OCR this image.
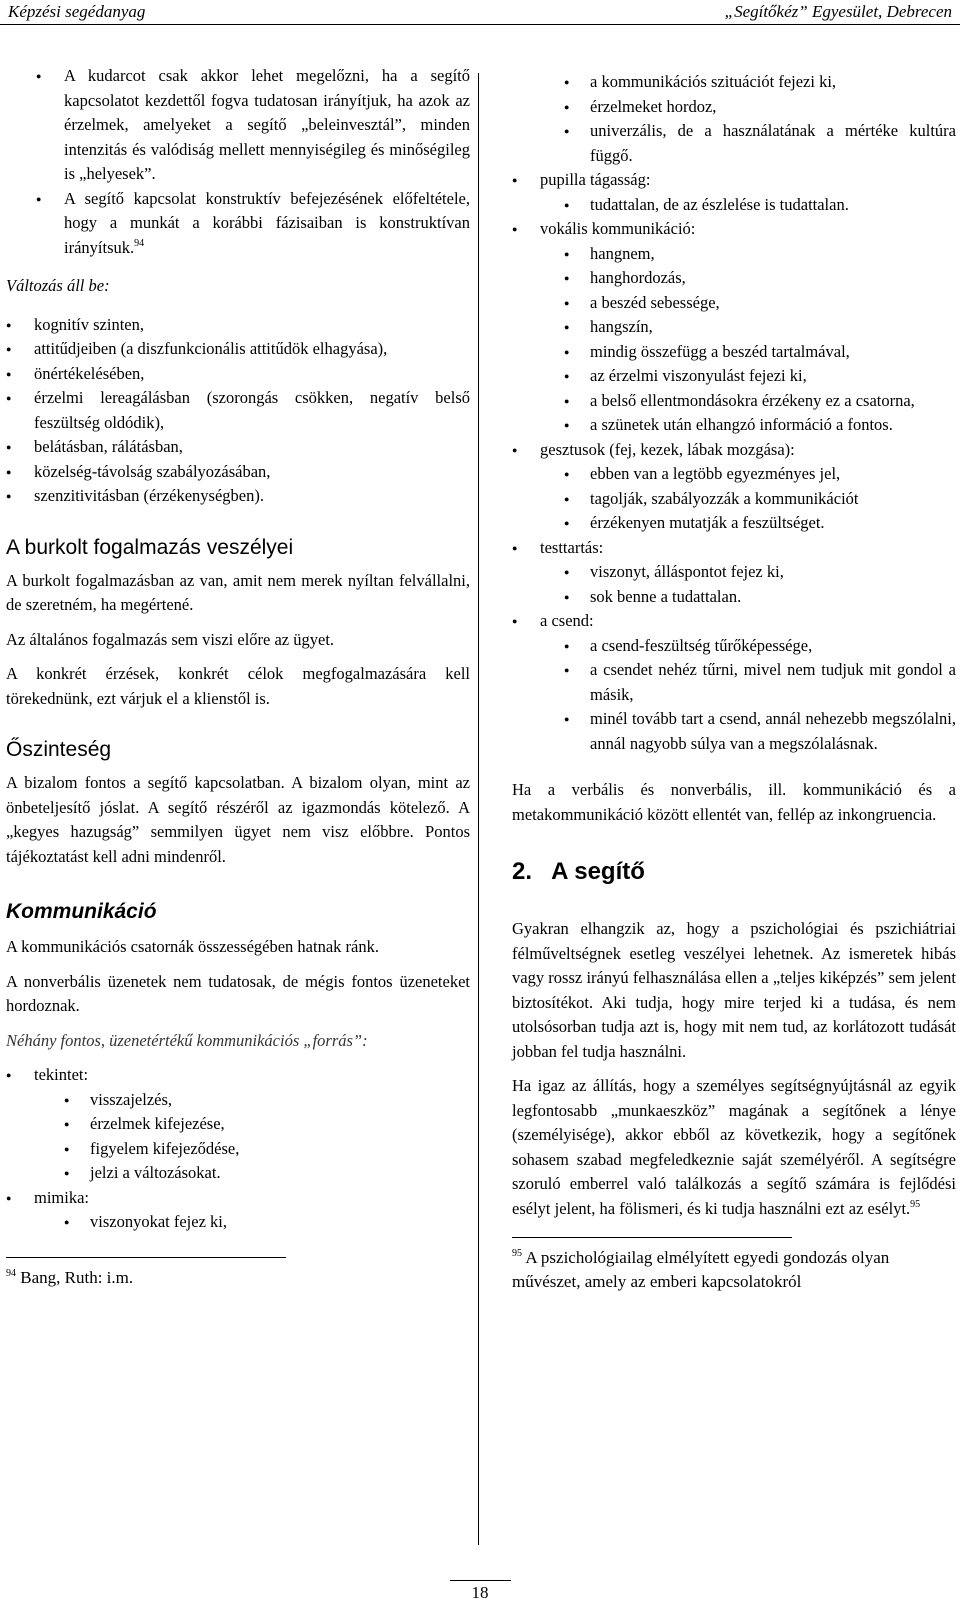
Képzési segédanyag	„Segítőkéz” Egyesület, Debrecen
● A kudarcot csak akkor lehet megelőzni, ha a segítő kapcsolatot kezdettől fogva tudatosan irányítjuk, ha azok az érzelmek, amelyeket a segítő „beleinvesztál”, minden intenzitás és valódiság mellett mennyiségileg és minőségileg is „helyesek”.
● A segítő kapcsolat konstruktív befejezésének előfeltétele, hogy a munkát a korábbi fázisaiban is konstruktívan irányítsuk.$^{94}$

Változás áll be:

● kognitív szinten,
● attitűdjeiben (a diszfunkcionális attitűdök elhagyása),
● önértékelésében,
● érzelmi lereagálásban (szorongás csökken, negatív belső feszültség oldódik),
● belátásban, rálátásban,
● közelség-távolság szabályozásában,
● szenzitivitásban (érzékenységben).
A burkolt fogalmazás veszélyei

A burkolt fogalmazásban az van, amit nem merek nyíltan felvállalni, de szeretném, ha megértené.

Az általános fogalmazás sem viszi előre az ügyet.

A konkrét érzések, konkrét célok megfogalmazására kell törekednünk, ezt várjuk el a klienstől is.

Őszinteség

A bizalom fontos a segítő kapcsolatban. A bizalom olyan, mint az önbeteljesítő jóslat. A segítő részéről az igazmondás kötelező. A „kegyes hazugság” semmilyen ügyet nem visz előbbre. Pontos tájékoztatást kell adni mindenről.

Kommunikáció

A kommunikációs csatornák összességében hatnak ránk.

A nonverbális üzenetek nem tudatosak, de mégis fontos üzeneteket hordoznak.

Néhány fontos, üzenetértékű kommunikációs „forrás”:

● tekintet:
● visszajelzés,
● érzelmek kifejezése,
● figyelem kifejeződése,
● jelzi a változásokat.
● mimika:
● viszonyokat fejez ki,
$^{94}$ Bang, Ruth: i.m.
● a kommunikációs szituációt fejezi ki,
● érzelmeket hordoz,
● univerzális, de a használatának a mértéke kultúra függő.
● pupilla tágasság:
● tudattalan, de az észlelése is tudattalan.
● vokális kommunikáció:
● hangnem,
● hanghordozás,
● a beszéd sebessége,
● hangszín,
● mindig összefügg a beszéd tartalmával,
● az érzelmi viszonyulást fejezi ki,
● a belső ellentmondásokra érzékeny ez a csatorna,
● a szünetek után elhangzó információ a fontos.
● gesztusok (fej, kezek, lábak mozgása):
● ebben van a legtöbb egyezményes jel,
● tagolják, szabályozzák a kommunikációt
● érzékenyen mutatják a feszültséget.
● testtartás:
● viszonyt, álláspontot fejez ki,
● sok benne a tudattalan.
● a csend:
● a csend-feszültség tűrőképessége,
● a csendet nehéz tűrni, mivel nem tudjuk mit gondol a másik,
● minél tovább tart a csend, annál nehezebb megszólalni, annál nagyobb súlya van a megszólalásnak.

Ha a verbális és nonverbális, ill. kommunikáció és a metakommunikáció között ellentét van, fellép az inkongruencia.

2.   A segítő

Gyakran elhangzik az, hogy a pszichológiai és pszichiátriai félműveltségnek esetleg veszélyei lehetnek. Az ismeretek hibás vagy rossz irányú felhasználása ellen a „teljes kiképzés” sem jelent biztosítékot. Aki tudja, hogy mire terjed ki a tudása, és nem utolsósorban tudja azt is, hogy mit nem tud, az korlátozott tudását jobban fel tudja használni.

Ha igaz az állítás, hogy a személyes segítségnyújtásnál az egyik legfontosabb „munkaeszköz” magának a segítőnek a lénye (személyisége), akkor ebből az következik, hogy a segítőnek sohasem szabad megfeledkeznie saját személyéről. A segítségre szoruló emberrel való találkozás a segítő számára is fejlődési esélyt jelent, ha fölismeri, és ki tudja használni ezt az esélyt.$^{95}$

$^{95}$ A pszichológiailag elmélyített egyedi gondozás olyan művészet, amely az emberi kapcsolatokról
18
